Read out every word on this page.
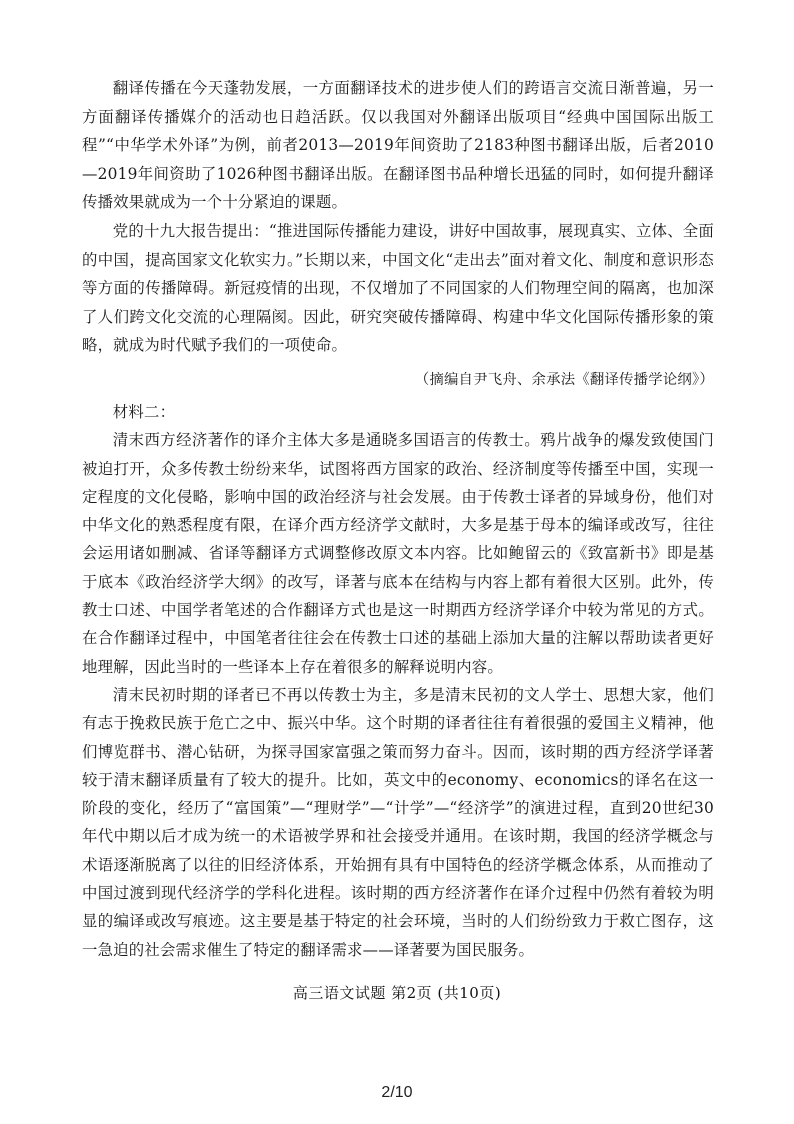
翻译传播在今天蓬勃发展，一方面翻译技术的进步使人们的跨语言交流日渐普遍，另一方面翻译传播媒介的活动也日趋活跃。仅以我国对外翻译出版项目“经典中国国际出版工程”“中华学术外译”为例，前者2013—2019年间资助了2183种图书翻译出版，后者2010—2019年间资助了1026种图书翻译出版。在翻译图书品种增长迅猛的同时，如何提升翻译传播效果就成为一个十分紧迫的课题。

党的十九大报告提出：“推进国际传播能力建设，讲好中国故事，展现真实、立体、全面的中国，提高国家文化软实力。”长期以来，中国文化“走出去”面对着文化、制度和意识形态等方面的传播障碍。新冠疫情的出现，不仅增加了不同国家的人们物理空间的隔离，也加深了人们跨文化交流的心理隔阂。因此，研究突破传播障碍、构建中华文化国际传播形象的策略，就成为时代赋予我们的一项使命。

（摘编自尹飞舟、余承法《翻译传播学论纲》）

材料二：

清末西方经济著作的译介主体大多是通晓多国语言的传教士。鸦片战争的爆发致使国门被迫打开，众多传教士纷纷来华，试图将西方国家的政治、经济制度等传播至中国，实现一定程度的文化侵略，影响中国的政治经济与社会发展。由于传教士译者的异域身份，他们对中华文化的熟悉程度有限，在译介西方经济学文献时，大多是基于母本的编译或改写，往往会运用诸如删减、省译等翻译方式调整修改原文本内容。比如鲍留云的《致富新书》即是基于底本《政治经济学大纲》的改写，译著与底本在结构与内容上都有着很大区别。此外，传教士口述、中国学者笔述的合作翻译方式也是这一时期西方经济学译介中较为常见的方式。在合作翻译过程中，中国笔者往往会在传教士口述的基础上添加大量的注解以帮助读者更好地理解，因此当时的一些译本上存在着很多的解释说明内容。

清末民初时期的译者已不再以传教士为主，多是清末民初的文人学士、思想大家，他们有志于挽救民族于危亡之中、振兴中华。这个时期的译者往往有着很强的爱国主义精神，他们博览群书、潜心钻研，为探寻国家富强之策而努力奋斗。因而，该时期的西方经济学译著较于清末翻译质量有了较大的提升。比如，英文中的economy、economics的译名在这一阶段的变化，经历了“富国策”—“理财学”—“计学”—“经济学”的演进过程，直到20世纪30年代中期以后才成为统一的术语被学界和社会接受并通用。在该时期，我国的经济学概念与术语逐渐脱离了以往的旧经济体系，开始拥有具有中国特色的经济学概念体系，从而推动了中国过渡到现代经济学的学科化进程。该时期的西方经济著作在译介过程中仍然有着较为明显的编译或改写痕迹。这主要是基于特定的社会环境，当时的人们纷纷致力于救亡图存，这一急迫的社会需求催生了特定的翻译需求——译著要为国民服务。

高三语文试题 第2页 (共10页)
2/10
